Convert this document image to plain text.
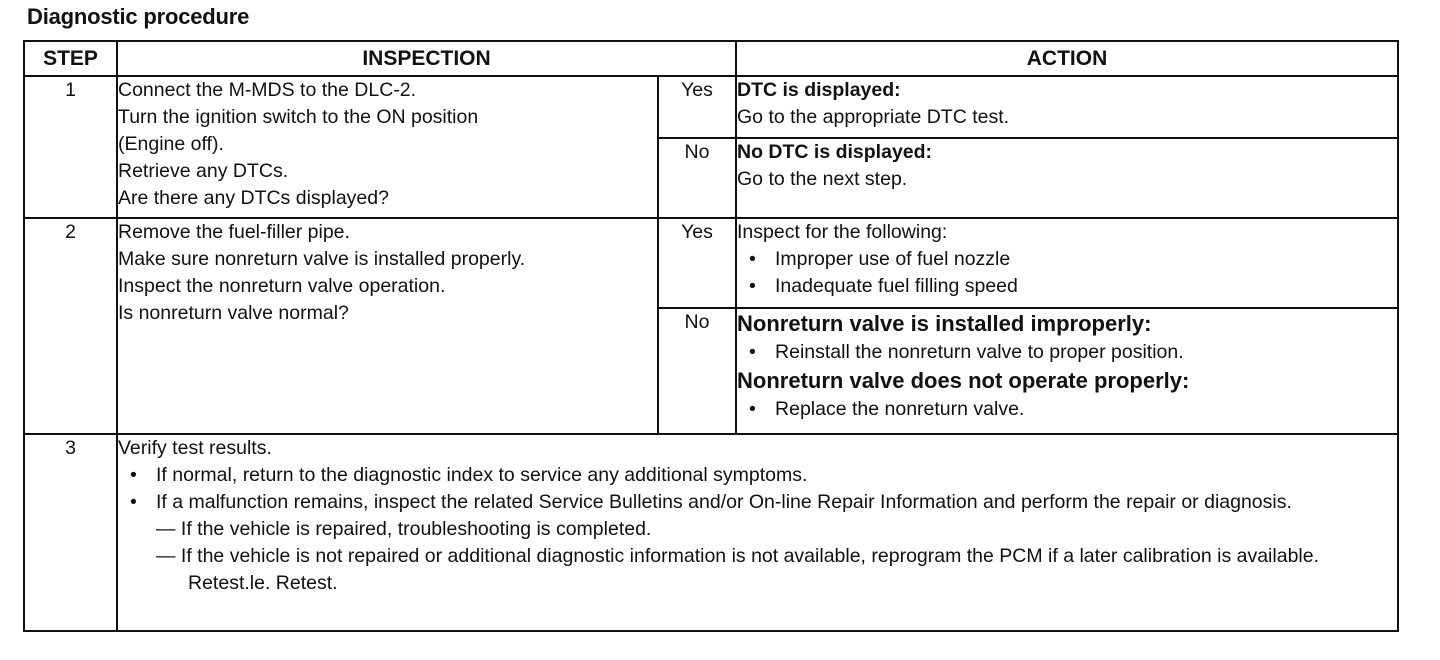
Diagnostic procedure
STEP	INSPECTION		ACTION
1	Connect the M-MDS to the DLC-2.
Turn the ignition switch to the ON position
(Engine off).
Retrieve any DTCs.
Are there any DTCs displayed?	Yes	DTC is displayed:
Go to the appropriate DTC test.

		No	No DTC is displayed:
Go to the next step.

2	Remove the fuel-filler pipe.
Make sure nonreturn valve is installed properly.
Inspect the nonreturn valve operation.
Is nonreturn valve normal?	Yes	Inspect for the following:
• Improper use of fuel nozzle
• Inadequate fuel filling speed

		No	Nonreturn valve is installed improperly:
• Reinstall the nonreturn valve to proper position.
Nonreturn valve does not operate properly:
• Replace the nonreturn valve.

3	Verify test results.
• If normal, return to the diagnostic index to service any additional symptoms.
• If a malfunction remains, inspect the related Service Bulletins and/or On-line Repair Information and perform the repair or diagnosis.
— If the vehicle is repaired, troubleshooting is completed.
— If the vehicle is not repaired or additional diagnostic information is not available, reprogram the PCM if a later calibration is available. Retest.le. Retest.
